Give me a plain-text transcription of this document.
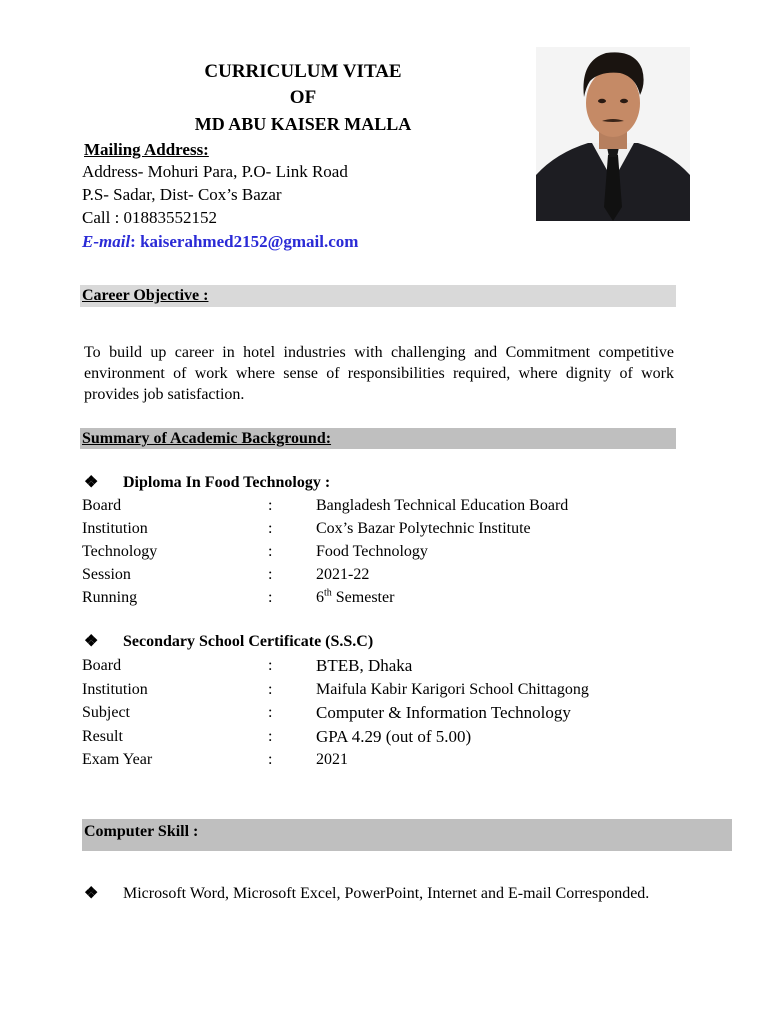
CURRICULUM VITAE
OF
MD ABU KAISER MALLA
Mailing Address:
Address- Mohuri Para, P.O- Link Road
P.S- Sadar, Dist- Cox’s Bazar
Call : 01883552152
E-mail: kaiserahmed2152@gmail.com
Career Objective :
To build up career in hotel industries with challenging and Commitment competitive environment of work where sense of responsibilities required, where dignity of work provides job satisfaction.
Summary of Academic Background:
❖ Diploma In Food Technology :
Board	:	Bangladesh Technical Education Board
Institution	:	Cox’s Bazar Polytechnic Institute
Technology	:	Food Technology
Session	:	2021-22
Running	:	6th Semester
❖ Secondary School Certificate (S.S.C)
Board	:	BTEB, Dhaka
Institution	:	Maifula Kabir Karigori School Chittagong
Subject	:	Computer & Information Technology
Result	:	GPA 4.29 (out of 5.00)
Exam Year	:	2021
Computer Skill :
❖ Microsoft Word, Microsoft Excel, PowerPoint, Internet and E-mail Corresponded.
